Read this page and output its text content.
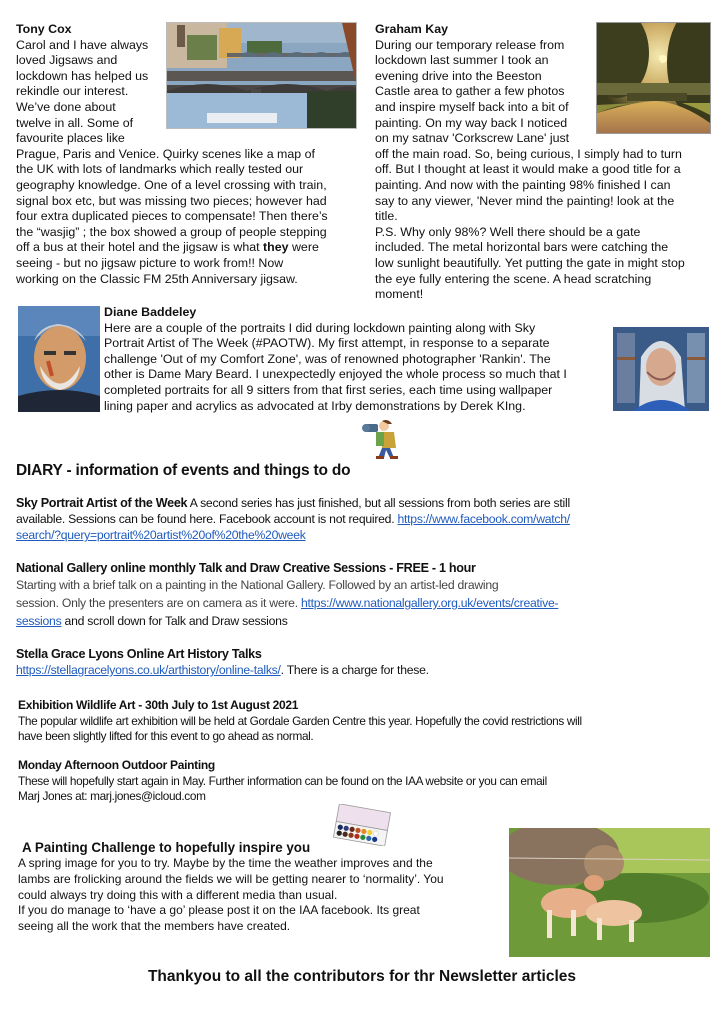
Tony Cox
Carol and I have always
loved Jigsaws and
lockdown has helped us
rekindle our interest.
We’ve done about
twelve in all. Some of
favourite places like
Prague, Paris and Venice. Quirky scenes like a map of
the UK with lots of landmarks which really tested our
geography knowledge. One of a level crossing with train,
signal box etc, but was missing two pieces; however had
four extra duplicated pieces to compensate! Then there’s
the “wasjig” ; the box showed a group of people stepping
off a bus at their hotel and the jigsaw is what they were
seeing - but no jigsaw picture to work from!! Now
working on the Classic FM 25th Anniversary jigsaw.
Graham Kay
During our temporary release from
lockdown last summer I took an
evening drive into the Beeston
Castle area to gather a few photos
and inspire myself back into a bit of
painting. On my way back I noticed
on my satnav 'Corkscrew Lane' just
off the main road. So, being curious, I simply had to turn
off. But I thought at least it would make a good title for a
painting. And now with the painting 98% finished I can
say to any viewer, 'Never mind the painting! look at the
title.
P.S. Why only 98%? Well there should be a gate
included. The metal horizontal bars were catching the
low sunlight beautifully. Yet putting the gate in might stop
the eye fully entering the scene. A head scratching
moment!
Diane Baddeley
Here are a couple of the portraits I did during lockdown painting along with Sky
Portrait Artist of The Week (#PAOTW). My first attempt, in response to a separate
challenge 'Out of my Comfort Zone', was of renowned photographer 'Rankin'. The
other is Dame Mary Beard. I unexpectedly enjoyed the whole process so much that I
completed portraits for all 9 sitters from that first series, each time using wallpaper
lining paper and acrylics as advocated at Irby demonstrations by Derek KIng.
DIARY - information of events and things to do
Sky Portrait Artist of the Week A second series has just finished, but all sessions from both series are still
available. Sessions can be found here. Facebook account is not required. https://www.facebook.com/watch/
search/?query=portrait%20artist%20of%20the%20week
National Gallery online monthly Talk and Draw Creative Sessions - FREE - 1 hour
Starting with a brief talk on a painting in the National Gallery. Followed by an artist-led drawing
session. Only the presenters are on camera as it were. https://www.nationalgallery.org.uk/events/creative-
sessions and scroll down for Talk and Draw sessions
Stella Grace Lyons Online Art History Talks
https://stellagracelyons.co.uk/arthistory/online-talks/. There is a charge for these.
Exhibition Wildlife Art - 30th July to 1st August 2021
The popular wildlife art exhibition will be held at Gordale Garden Centre this year. Hopefully the covid restrictions will
have been slightly lifted for this event to go ahead as normal.
Monday Afternoon Outdoor Painting
These will hopefully start again in May. Further information can be found on the IAA website or you can email
Marj Jones at: marj.jones@icloud.com
A Painting Challenge to hopefully inspire you
A spring image for you to try. Maybe by the time the weather improves and the
lambs are frolicking around the fields we will be getting nearer to ‘normality’. You
could always try doing this with a different media than usual.
If you do manage to ‘have a go’ please post it on the IAA facebook. Its great
seeing all the work that the members have created.
Thankyou to all the contributors for thr Newsletter articles
